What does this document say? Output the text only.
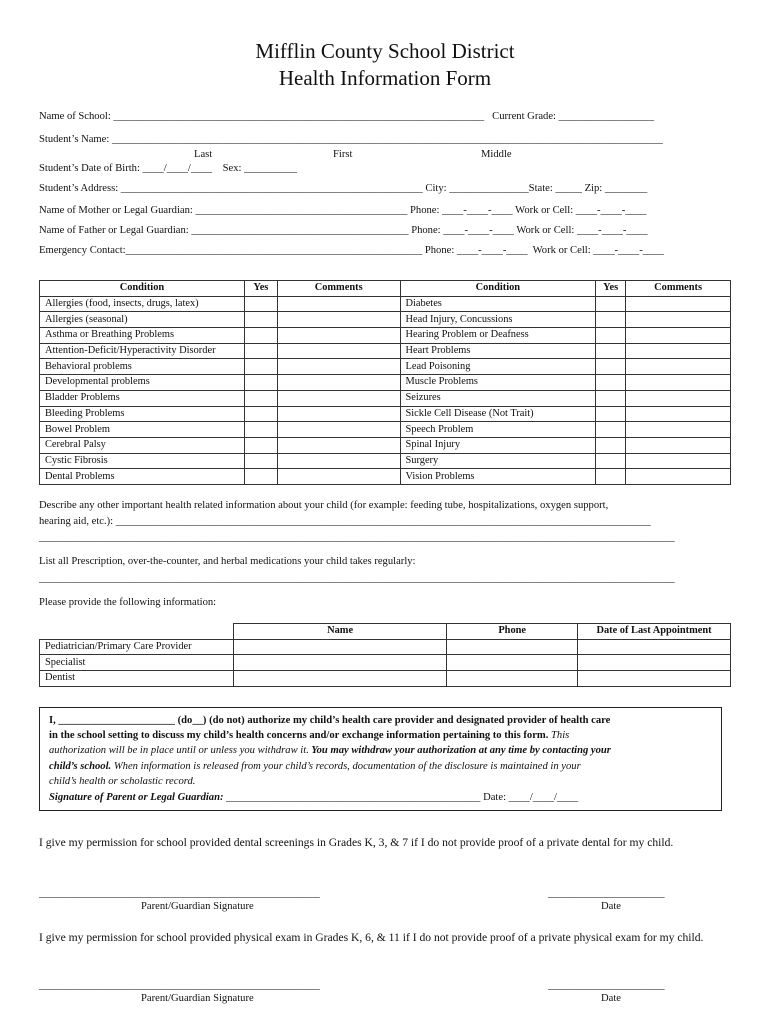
Mifflin County School District
Health Information Form
Name of School: ______________________________________________________________________   Current Grade: __________________
Student’s Name: ________________________________________________________________________________________________________
Last	First	Middle
Student’s Date of Birth: ____/____/____    Sex: __________
Student’s Address: _________________________________________________________ City: _______________State: _____ Zip: ________
Name of Mother or Legal Guardian: ________________________________________ Phone: ____-____-____ Work or Cell: ____-____-____
Name of Father or Legal Guardian: _________________________________________ Phone: ____-____-____ Work or Cell: ____-____-____
Emergency Contact:________________________________________________________ Phone: ____-____-____  Work or Cell: ____-____-____
Condition	Yes	Comments	Condition	Yes	Comments
Allergies (food, insects, drugs, latex)			Diabetes		
Allergies (seasonal)			Head Injury, Concussions		
Asthma or Breathing Problems			Hearing Problem or Deafness		
Attention-Deficit/Hyperactivity Disorder			Heart Problems		
Behavioral problems			Lead Poisoning		
Developmental problems			Muscle Problems		
Bladder Problems			Seizures		
Bleeding Problems			Sickle Cell Disease (Not Trait)		
Bowel Problem			Speech Problem		
Cerebral Palsy			Spinal Injury		
Cystic Fibrosis			Surgery		
Dental Problems			Vision Problems		
Describe any other important health related information about your child (for example: feeding tube, hospitalizations, oxygen support,
hearing aid, etc.): _____________________________________________________________________________________________________
________________________________________________________________________________________________________________________
List all Prescription, over-the-counter, and herbal medications your child takes regularly:
________________________________________________________________________________________________________________________
Please provide the following information:
	Name	Phone	Date of Last Appointment
Pediatrician/Primary Care Provider			
Specialist			
Dentist			
I, ______________________ (do__) (do not) authorize my child’s health care provider and designated provider of health care
in the school setting to discuss my child’s health concerns and/or exchange information pertaining to this form. This
authorization will be in place until or unless you withdraw it. You may withdraw your authorization at any time by contacting your
child’s school. When information is released from your child’s records, documentation of the disclosure is maintained in your
child’s health or scholastic record.
Signature of Parent or Legal Guardian: ________________________________________________ Date: ____/____/____
I give my permission for school provided dental screenings in Grades K, 3, & 7 if I do not provide proof of a private dental for my child.
_____________________________________________________	______________________
Parent/Guardian Signature	Date
I give my permission for school provided physical exam in Grades K, 6, & 11 if I do not provide proof of a private physical exam for my child.
_____________________________________________________	______________________
Parent/Guardian Signature	Date
